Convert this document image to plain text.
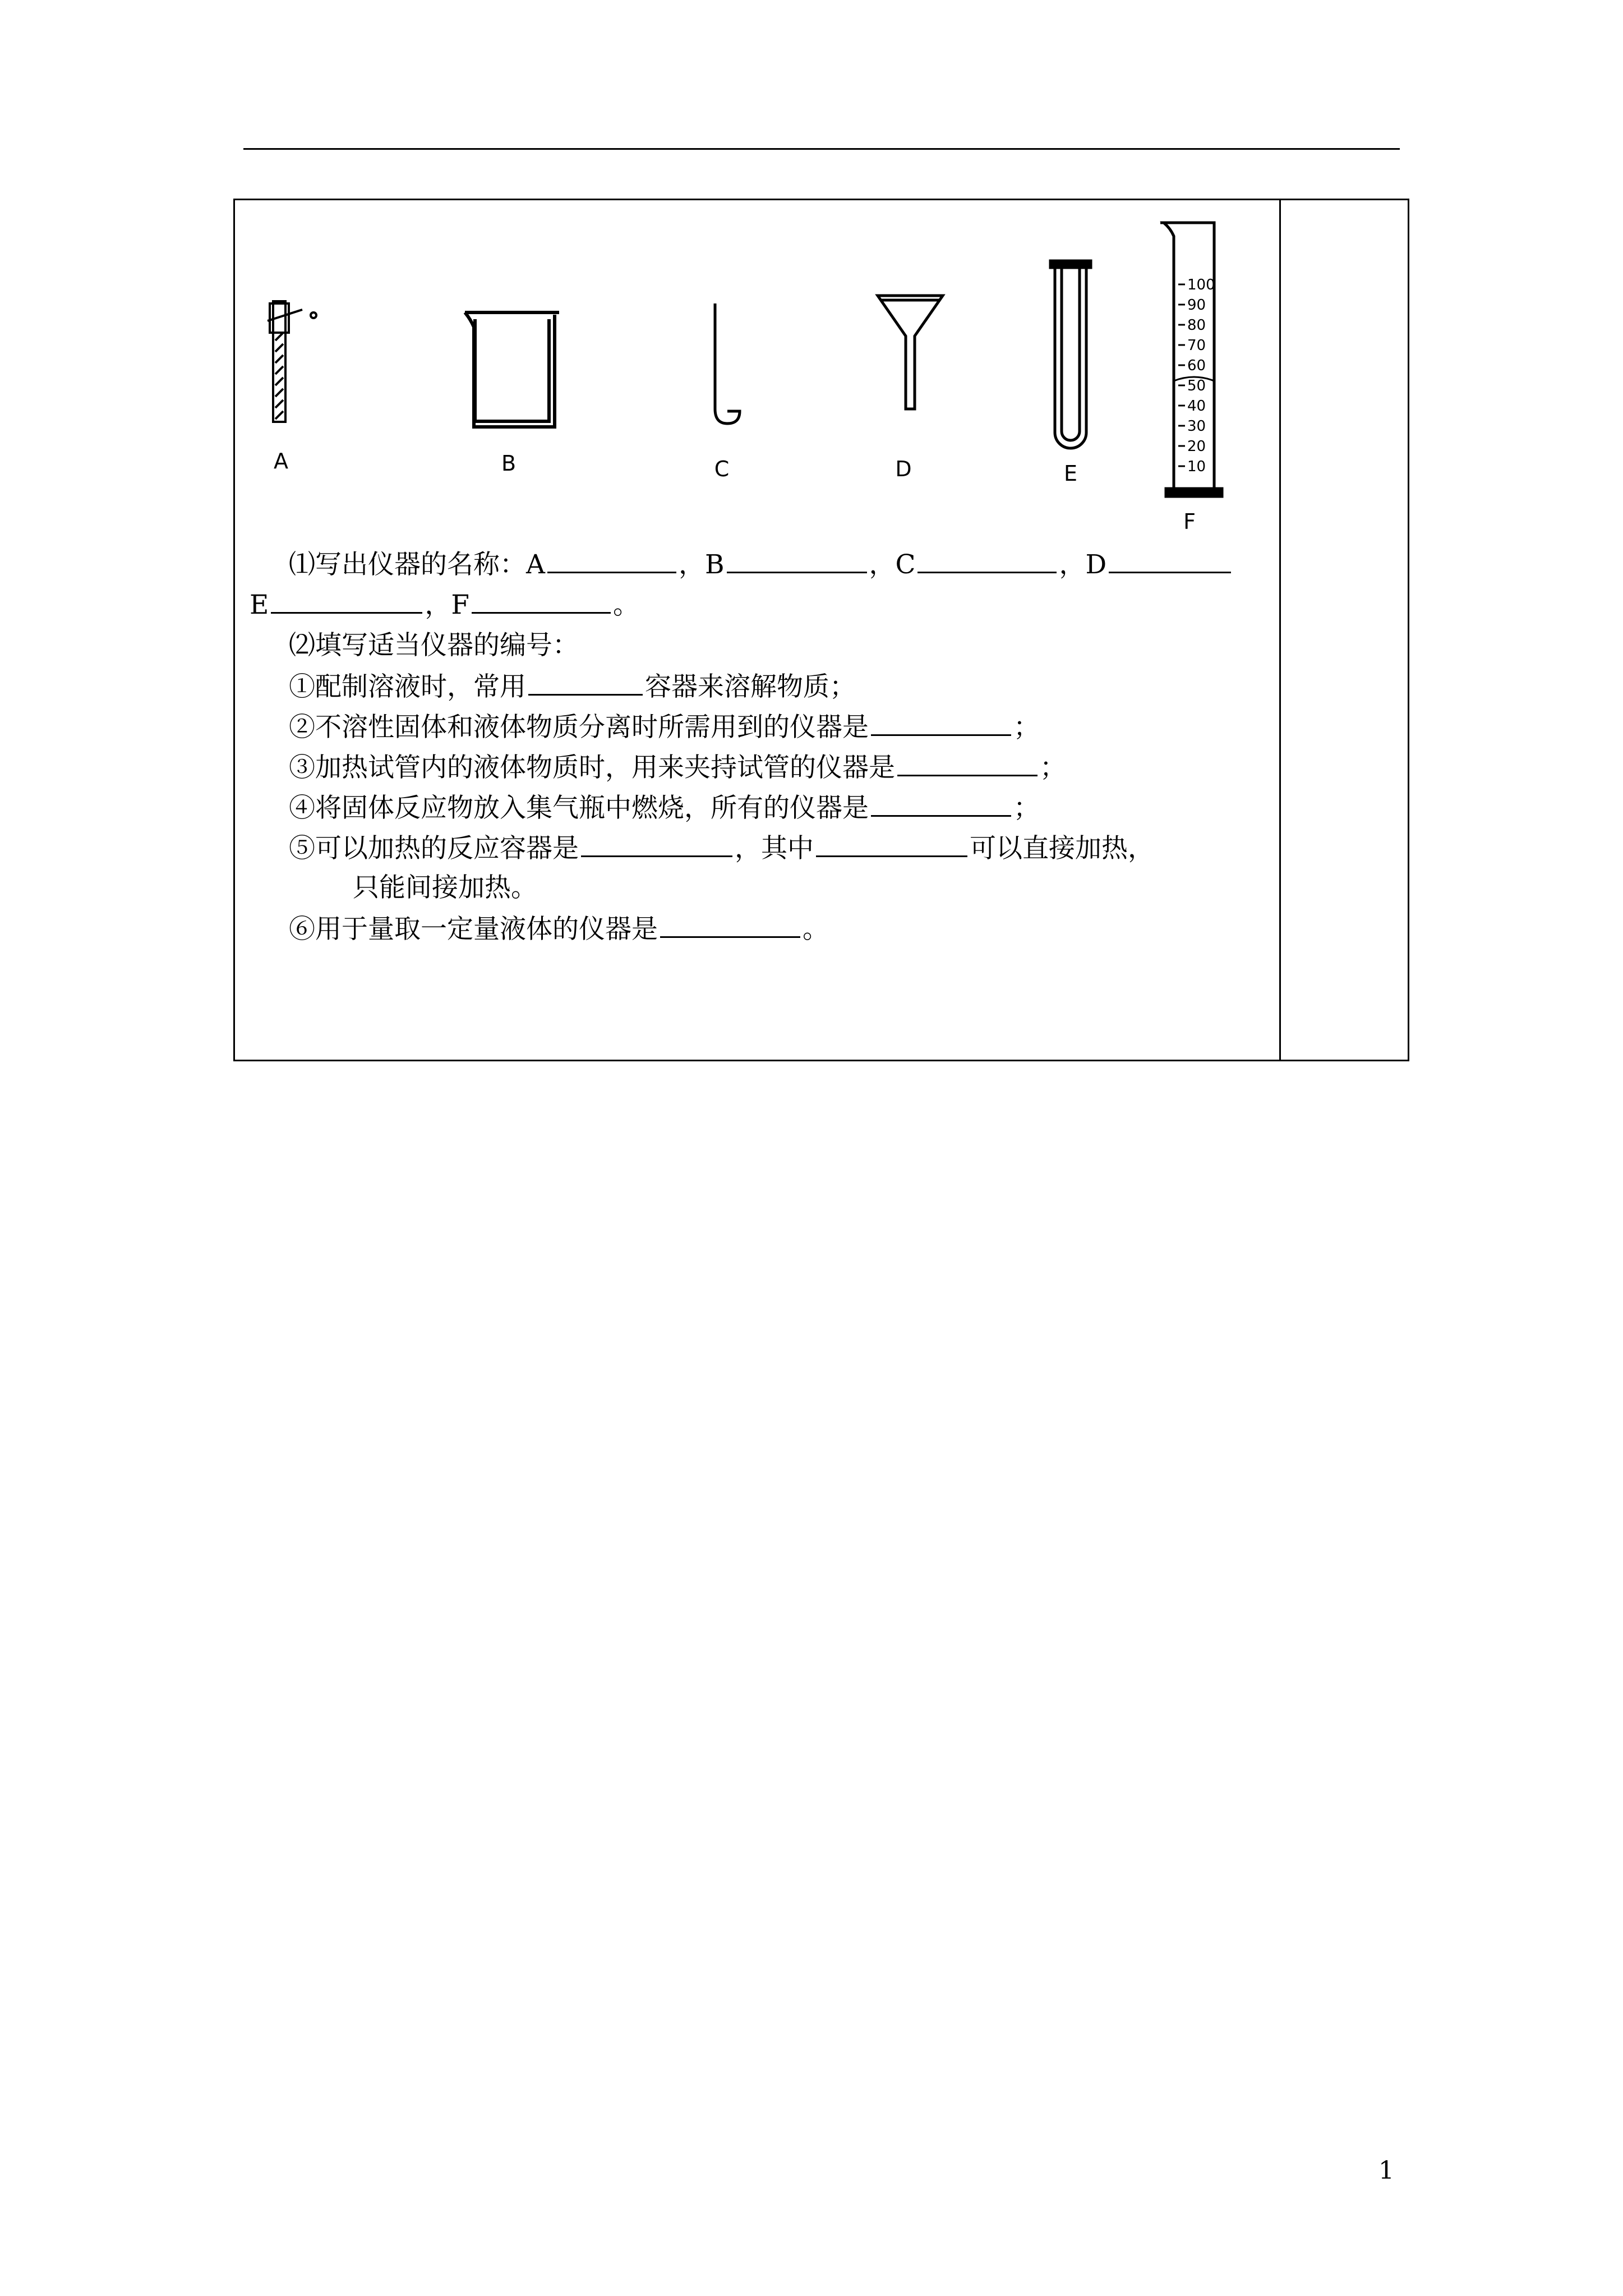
A	B	C	D	E
100
90
80
70
60
50
40
30
20
10
F
⑴写出仪器的名称：A	，B	，C	，D
E	，F	。
⑵填写适当仪器的编号：
①配制溶液时，常用	容器来溶解物质；
②不溶性固体和液体物质分离时所需用到的仪器是	；
③加热试管内的液体物质时，用来夹持试管的仪器是	；
④将固体反应物放入集气瓶中燃烧，所有的仪器是	；
⑤可以加热的反应容器是	，其中	可以直接加热，
只能间接加热。
⑥用于量取一定量液体的仪器是	。
1
